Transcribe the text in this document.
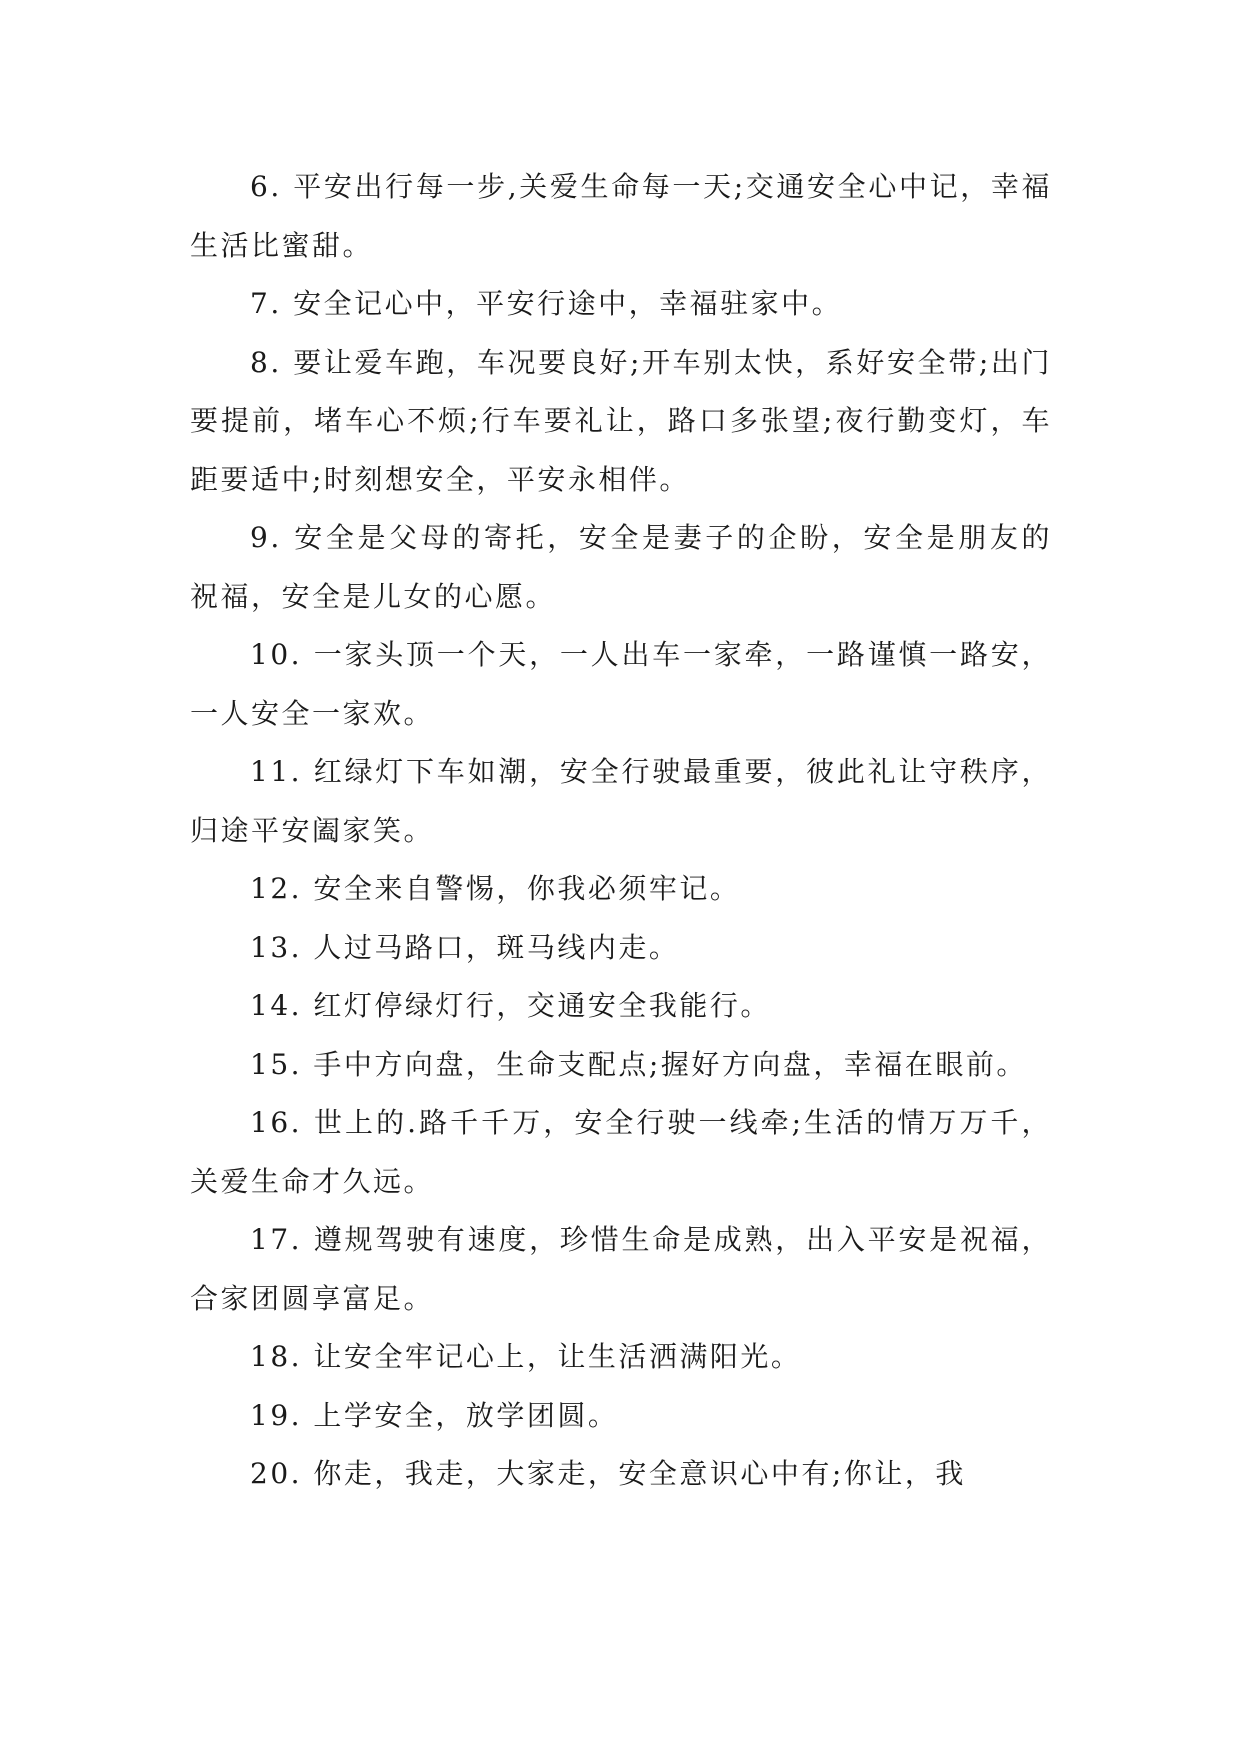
6. 平安出行每一步,关爱生命每一天;交通安全心中记，幸福生活比蜜甜。

7. 安全记心中，平安行途中，幸福驻家中。

8. 要让爱车跑，车况要良好;开车别太快，系好安全带;出门要提前，堵车心不烦;行车要礼让，路口多张望;夜行勤变灯，车距要适中;时刻想安全，平安永相伴。

9. 安全是父母的寄托，安全是妻子的企盼，安全是朋友的祝福，安全是儿女的心愿。

10. 一家头顶一个天，一人出车一家牵，一路谨慎一路安，一人安全一家欢。

11. 红绿灯下车如潮，安全行驶最重要，彼此礼让守秩序，归途平安阖家笑。

12. 安全来自警惕，你我必须牢记。

13. 人过马路口，斑马线内走。

14. 红灯停绿灯行，交通安全我能行。

15. 手中方向盘，生命支配点;握好方向盘，幸福在眼前。

16. 世上的.路千千万，安全行驶一线牵;生活的情万万千，关爱生命才久远。

17. 遵规驾驶有速度，珍惜生命是成熟，出入平安是祝福，合家团圆享富足。

18. 让安全牢记心上，让生活洒满阳光。

19. 上学安全，放学团圆。

20. 你走，我走，大家走，安全意识心中有;你让，我
